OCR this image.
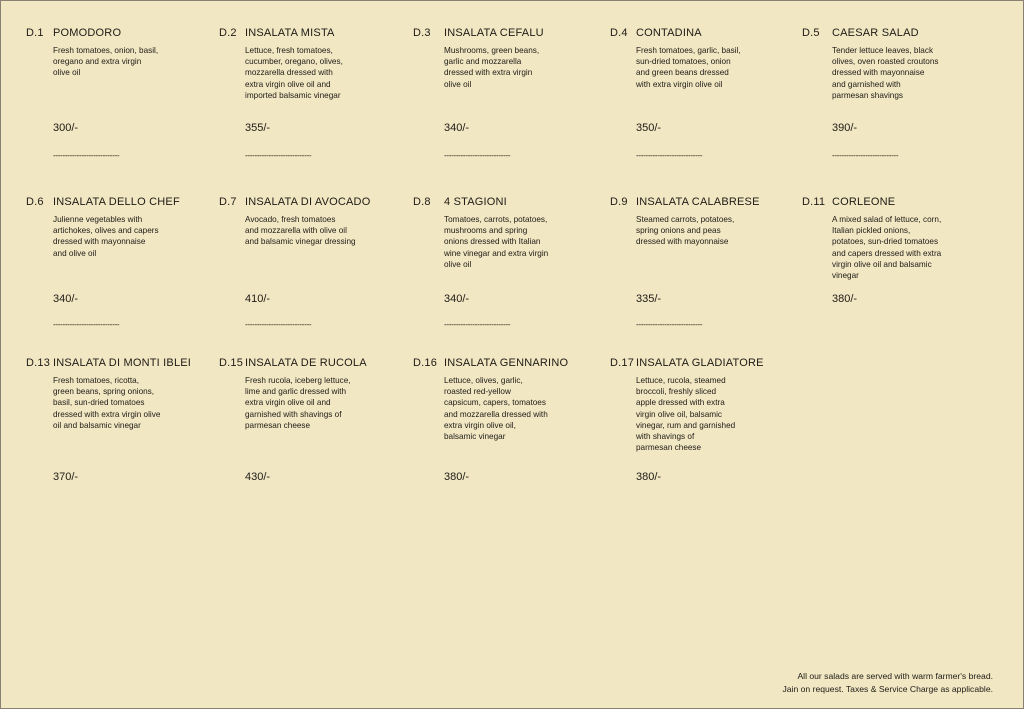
D.1 POMODORO
Fresh tomatoes, onion, basil,
oregano and extra virgin
olive oil
300/-
----------------------------
D.2 INSALATA MISTA
Lettuce, fresh tomatoes,
cucumber, oregano, olives,
mozzarella dressed with
extra virgin olive oil and
imported balsamic vinegar
355/-
----------------------------
D.3 INSALATA CEFALU
Mushrooms, green beans,
garlic and mozzarella
dressed with extra virgin
olive oil
340/-
----------------------------
D.4 CONTADINA
Fresh tomatoes, garlic, basil,
sun-dried tomatoes, onion
and green beans dressed
with extra virgin olive oil
350/-
----------------------------
D.5 CAESAR SALAD
Tender lettuce leaves, black
olives, oven roasted croutons
dressed with mayonnaise
and garnished with
parmesan shavings
390/-
----------------------------
D.6 INSALATA DELLO CHEF
Julienne vegetables with
artichokes, olives and capers
dressed with mayonnaise
and olive oil
340/-
----------------------------
D.7 INSALATA DI AVOCADO
Avocado, fresh tomatoes
and mozzarella with olive oil
and balsamic vinegar dressing
410/-
----------------------------
D.8 4 STAGIONI
Tomatoes, carrots, potatoes,
mushrooms and spring
onions dressed with Italian
wine vinegar and extra virgin
olive oil
340/-
----------------------------
D.9 INSALATA CALABRESE
Steamed carrots, potatoes,
spring onions and peas
dressed with mayonnaise
335/-
----------------------------
D.11 CORLEONE
A mixed salad of lettuce, corn,
Italian pickled onions,
potatoes, sun-dried tomatoes
and capers dressed with extra
virgin olive oil and balsamic
vinegar
380/-
D.13 INSALATA DI MONTI IBLEI
Fresh tomatoes, ricotta,
green beans, spring onions,
basil, sun-dried tomatoes
dressed with extra virgin olive
oil and balsamic vinegar
370/-
D.15 INSALATA DE RUCOLA
Fresh rucola, iceberg lettuce,
lime and garlic dressed with
extra virgin olive oil and
garnished with shavings of
parmesan cheese
430/-
D.16 INSALATA GENNARINO
Lettuce, olives, garlic,
roasted red-yellow
capsicum, capers, tomatoes
and mozzarella dressed with
extra virgin olive oil,
balsamic vinegar
380/-
D.17 INSALATA GLADIATORE
Lettuce, rucola, steamed
broccoli, freshly sliced
apple dressed with extra
virgin olive oil, balsamic
vinegar, rum and garnished
with shavings of
parmesan cheese
380/-
All our salads are served with warm farmer's bread.
Jain on request. Taxes & Service Charge as applicable.
